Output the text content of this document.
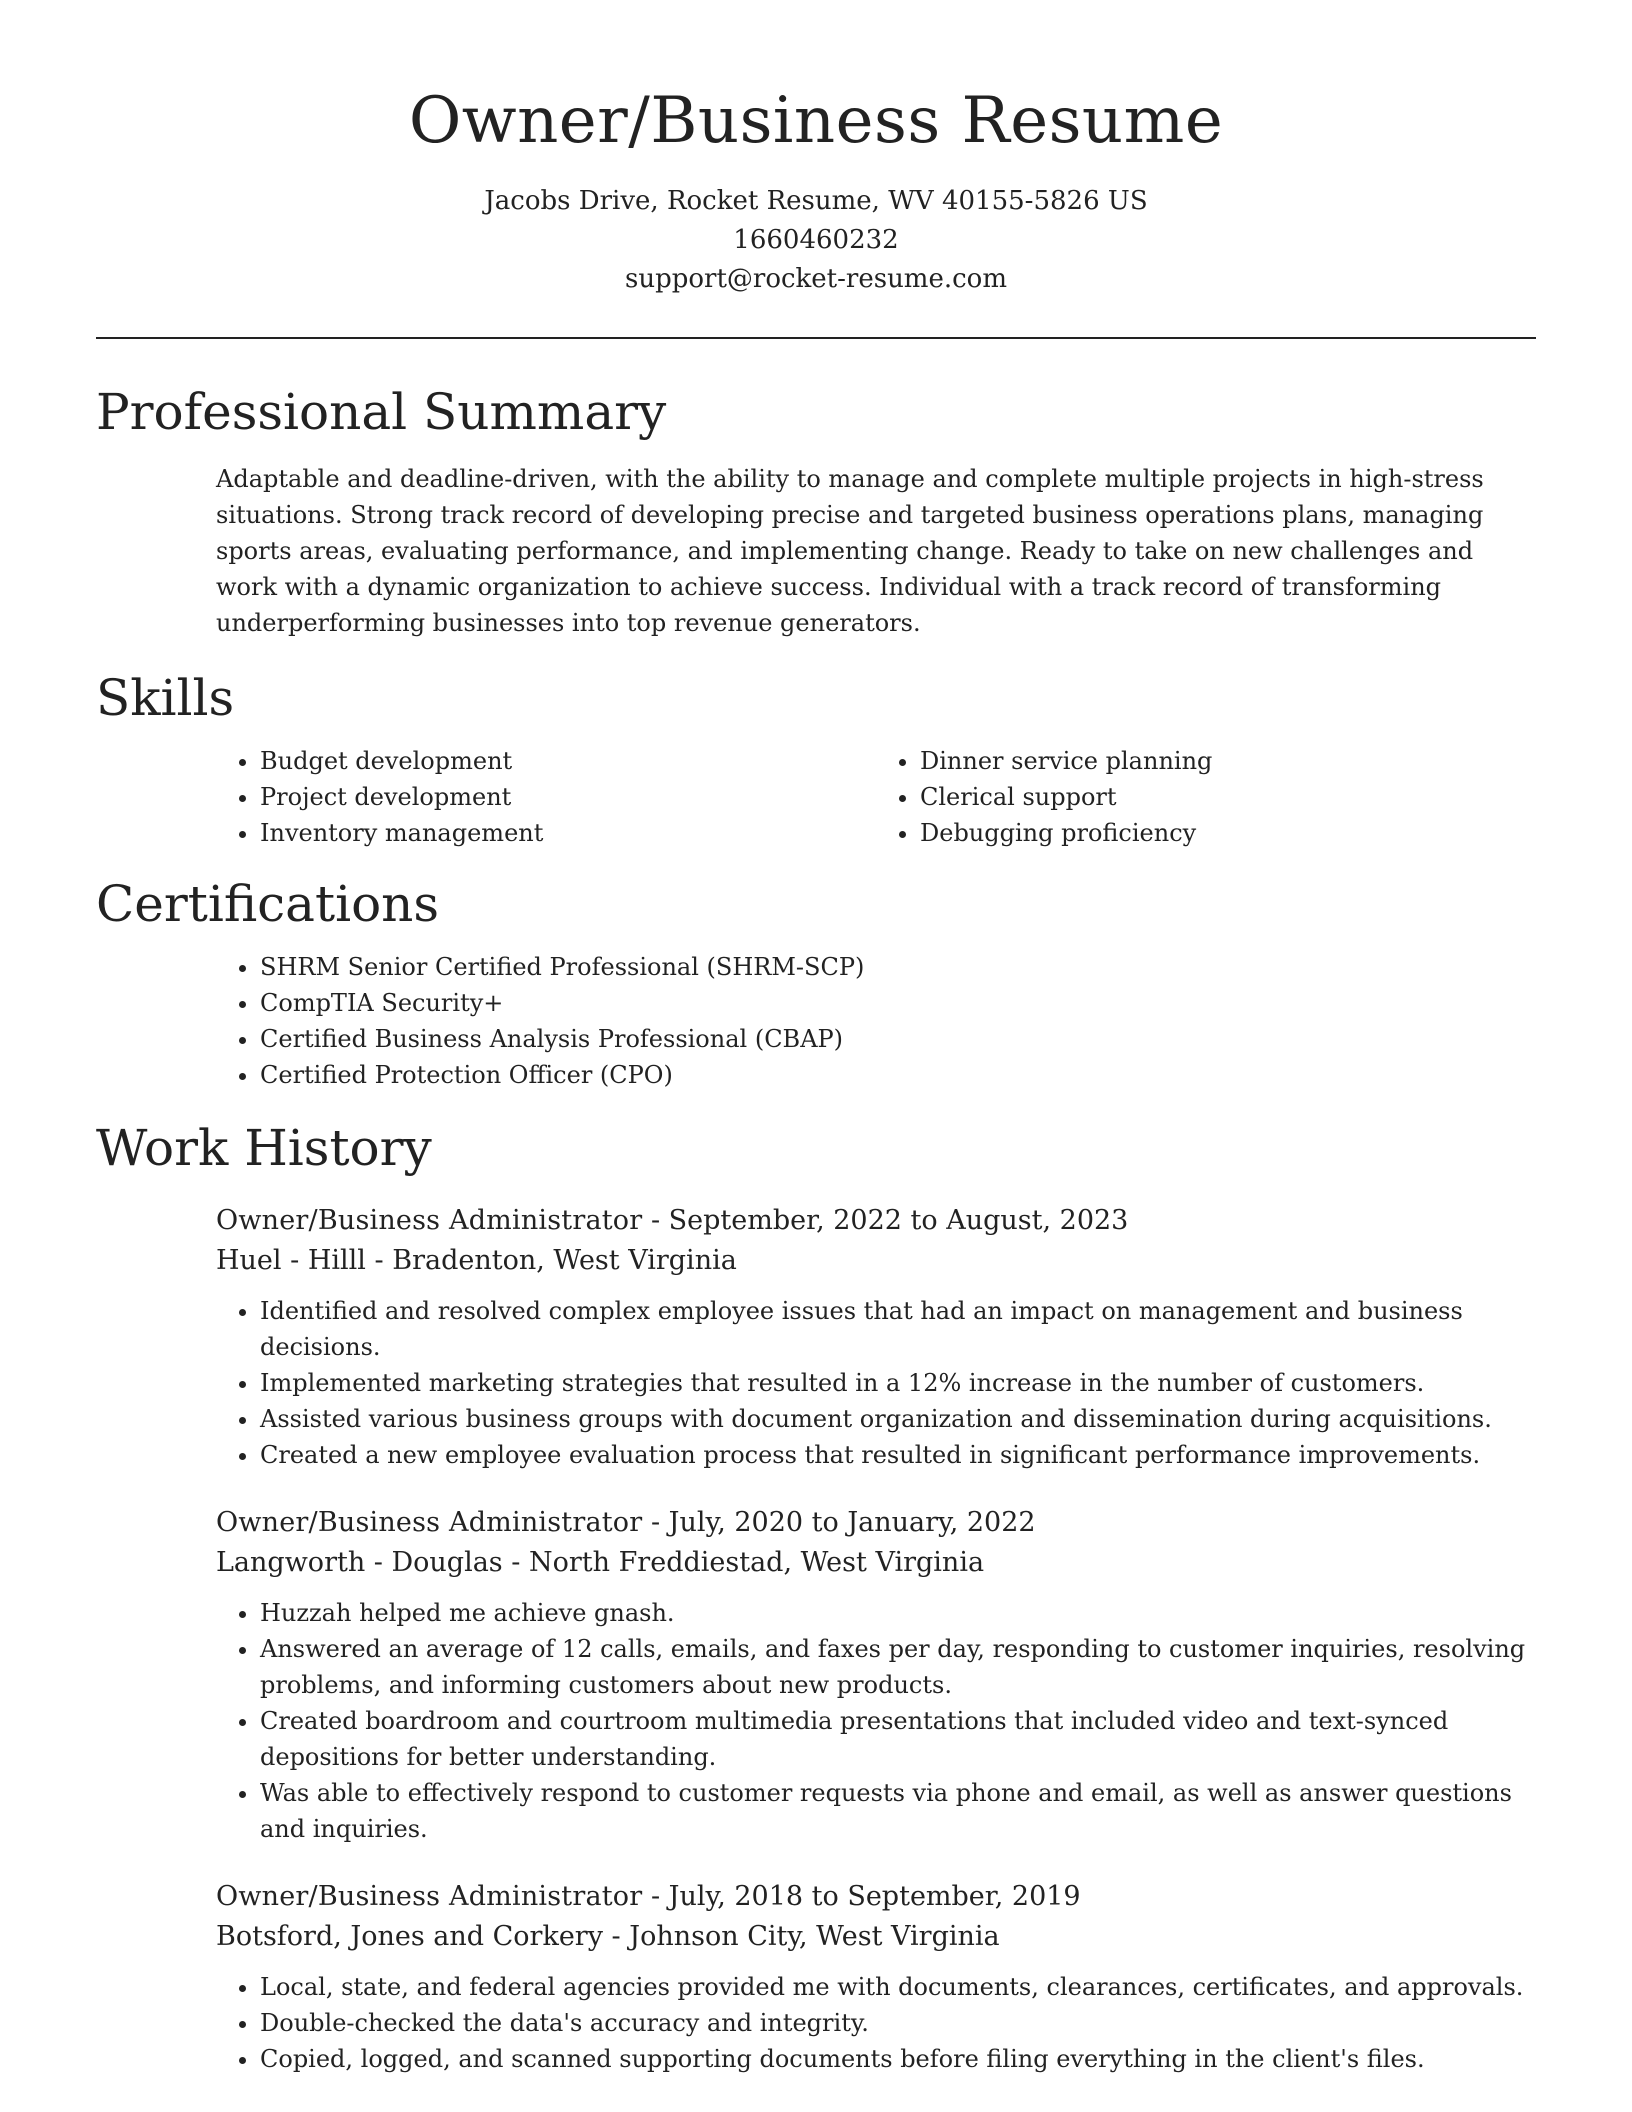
Owner/Business Resume
Jacobs Drive, Rocket Resume, WV 40155-5826 US
1660460232
support@rocket-resume.com
Professional Summary

Adaptable and deadline-driven, with the ability to manage and complete multiple projects in high-stress situations. Strong track record of developing precise and targeted business operations plans, managing sports areas, evaluating performance, and implementing change. Ready to take on new challenges and work with a dynamic organization to achieve success. Individual with a track record of transforming underperforming businesses into top revenue generators.

Skills
• Budget development
• Project development
• Inventory management
• Dinner service planning
• Clerical support
• Debugging proficiency
Certifications
• SHRM Senior Certified Professional (SHRM-SCP)
• CompTIA Security+
• Certified Business Analysis Professional (CBAP)
• Certified Protection Officer (CPO)
Work History
Owner/Business Administrator - September, 2022 to August, 2023
Huel - Hilll - Bradenton, West Virginia
• Identified and resolved complex employee issues that had an impact on management and business decisions.
• Implemented marketing strategies that resulted in a 12% increase in the number of customers.
• Assisted various business groups with document organization and dissemination during acquisitions.
• Created a new employee evaluation process that resulted in significant performance improvements.
Owner/Business Administrator - July, 2020 to January, 2022
Langworth - Douglas - North Freddiestad, West Virginia
• Huzzah helped me achieve gnash.
• Answered an average of 12 calls, emails, and faxes per day, responding to customer inquiries, resolving problems, and informing customers about new products.
• Created boardroom and courtroom multimedia presentations that included video and text-synced depositions for better understanding.
• Was able to effectively respond to customer requests via phone and email, as well as answer questions and inquiries.
Owner/Business Administrator - July, 2018 to September, 2019
Botsford, Jones and Corkery - Johnson City, West Virginia
• Local, state, and federal agencies provided me with documents, clearances, certificates, and approvals.
• Double-checked the data's accuracy and integrity.
• Copied, logged, and scanned supporting documents before filing everything in the client's files.
